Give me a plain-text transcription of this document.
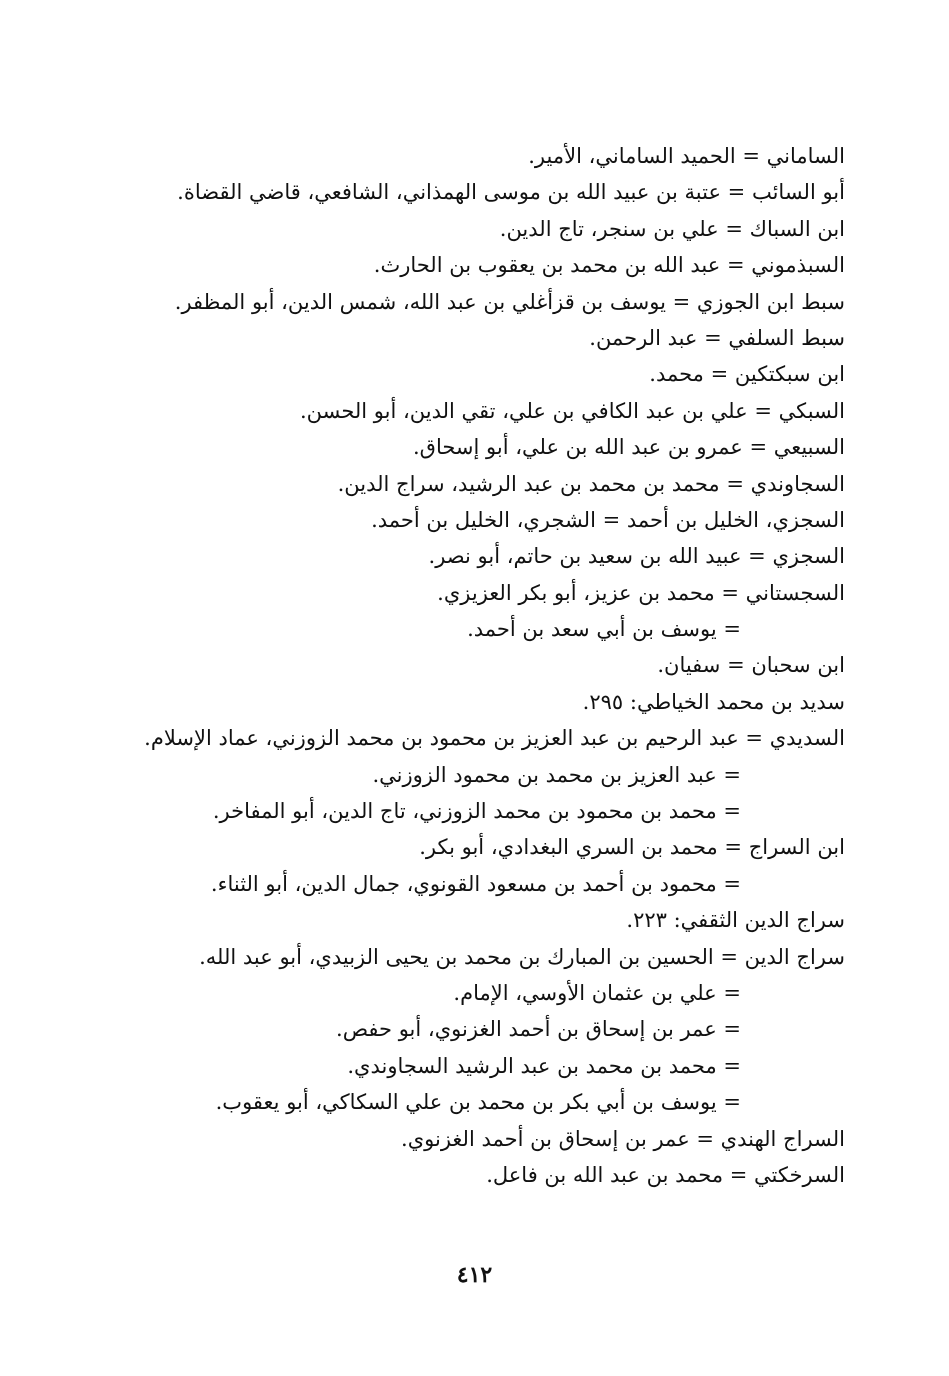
الساماني = الحميد الساماني، الأمير.
أبو السائب = عتبة بن عبيد الله بن موسى الهمذاني، الشافعي، قاضي القضاة.
ابن السباك = علي بن سنجر، تاج الدين.
السبذموني = عبد الله بن محمد بن يعقوب بن الحارث.
سبط ابن الجوزي = يوسف بن قزأغلي بن عبد الله، شمس الدين، أبو المظفر.
سبط السلفي = عبد الرحمن.
ابن سبكتكين = محمد.
السبكي = علي بن عبد الكافي بن علي، تقي الدين، أبو الحسن.
السبيعي = عمرو بن عبد الله بن علي، أبو إسحاق.
السجاوندي = محمد بن محمد بن عبد الرشيد، سراج الدين.
السجزي، الخليل بن أحمد = الشجري، الخليل بن أحمد.
السجزي = عبيد الله بن سعيد بن حاتم، أبو نصر.
السجستاني = محمد بن عزيز، أبو بكر العزيزي.
= يوسف بن أبي سعد بن أحمد.
ابن سحبان = سفيان.
سديد بن محمد الخياطي: ٢٩٥.
السديدي = عبد الرحيم بن عبد العزيز بن محمود بن محمد الزوزني، عماد الإسلام.
= عبد العزيز بن محمد بن محمود الزوزني.
= محمد بن محمود بن محمد الزوزني، تاج الدين، أبو المفاخر.
ابن السراج = محمد بن السري البغدادي، أبو بكر.
= محمود بن أحمد بن مسعود القونوي، جمال الدين، أبو الثناء.
سراج الدين الثقفي: ٢٢٣.
سراج الدين = الحسين بن المبارك بن محمد بن يحيى الزبيدي، أبو عبد الله.
= علي بن عثمان الأوسي، الإمام.
= عمر بن إسحاق بن أحمد الغزنوي، أبو حفص.
= محمد بن محمد بن عبد الرشيد السجاوندي.
= يوسف بن أبي بكر بن محمد بن علي السكاكي، أبو يعقوب.
السراج الهندي = عمر بن إسحاق بن أحمد الغزنوي.
السرخكتي = محمد بن عبد الله بن فاعل.
٤١٢
